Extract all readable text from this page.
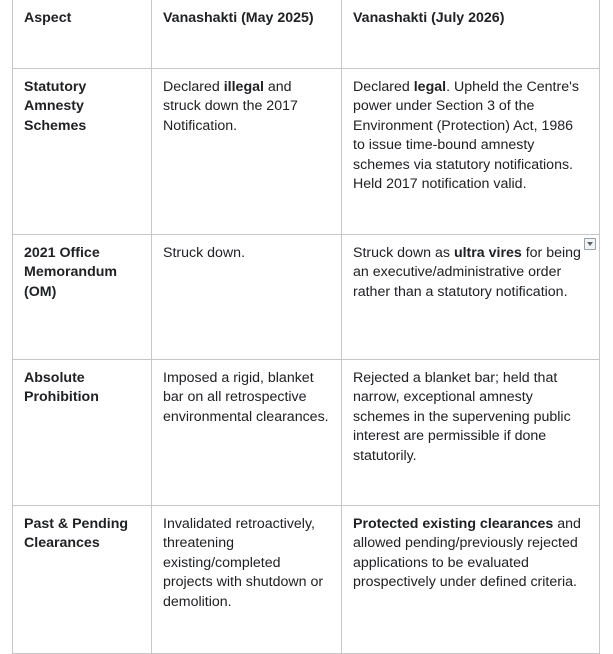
Aspect	Vanashakti (May 2025)	Vanashakti (July 2026)
Statutory Amnesty Schemes	Declared illegal and struck down the 2017 Notification.	Declared legal. Upheld the Centre's power under Section 3 of the Environment (Protection) Act, 1986 to issue time-bound amnesty schemes via statutory notifications. Held 2017 notification valid.
2021 Office Memorandum (OM)	Struck down.	Struck down as ultra vires for being an executive/administrative order rather than a statutory notification.

Absolute Prohibition	Imposed a rigid, blanket bar on all retrospective environmental clearances.	Rejected a blanket bar; held that narrow, exceptional amnesty schemes in the supervening public interest are permissible if done statutorily.
Past & Pending Clearances	Invalidated retroactively, threatening existing/completed projects with shutdown or demolition.	Protected existing clearances and allowed pending/previously rejected applications to be evaluated prospectively under defined criteria.
